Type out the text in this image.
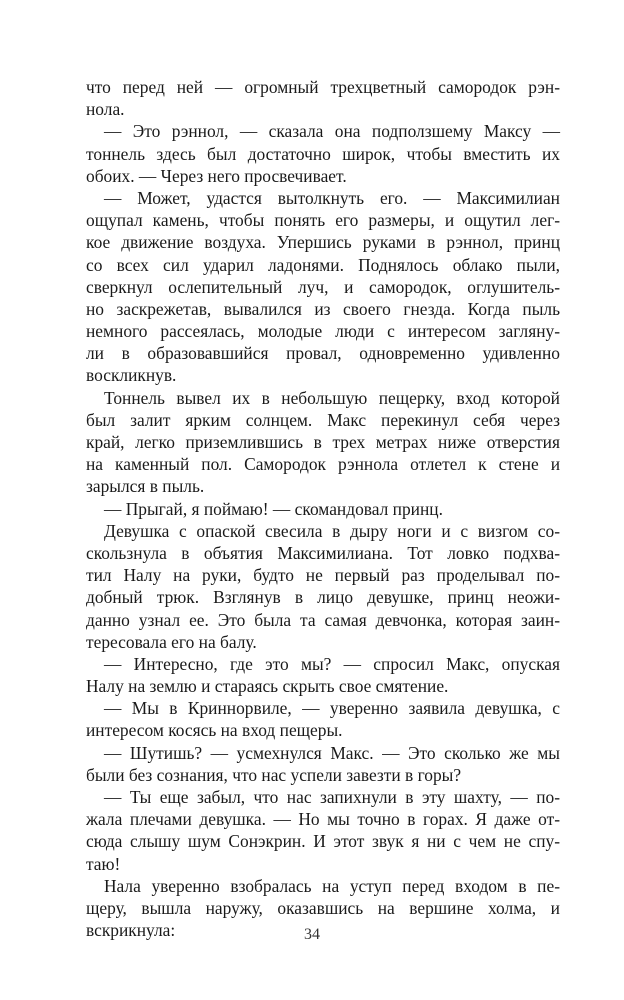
что перед ней — огромный трехцветный самородок рэн-
нола.
— Это рэннол, — сказала она подползшему Максу —
тоннель здесь был достаточно широк, чтобы вместить их
обоих. — Через него просвечивает.
— Может, удастся вытолкнуть его. — Максимилиан
ощупал камень, чтобы понять его размеры, и ощутил лег-
кое движение воздуха. Упершись руками в рэннол, принц
со всех сил ударил ладонями. Поднялось облако пыли,
сверкнул ослепительный луч, и самородок, оглушитель-
но заскрежетав, вывалился из своего гнезда. Когда пыль
немного рассеялась, молодые люди с интересом загляну-
ли в образовавшийся провал, одновременно удивленно
воскликнув.
Тоннель вывел их в небольшую пещерку, вход которой
был залит ярким солнцем. Макс перекинул себя через
край, легко приземлившись в трех метрах ниже отверстия
на каменный пол. Самородок рэннола отлетел к стене и
зарылся в пыль.
— Прыгай, я поймаю! — скомандовал принц.
Девушка с опаской свесила в дыру ноги и с визгом со-
скользнула в объятия Максимилиана. Тот ловко подхва-
тил Налу на руки, будто не первый раз проделывал по-
добный трюк. Взглянув в лицо девушке, принц неожи-
данно узнал ее. Это была та самая девчонка, которая заин-
тересовала его на балу.
— Интересно, где это мы? — спросил Макс, опуская
Налу на землю и стараясь скрыть свое смятение.
— Мы в Криннорвиле, — уверенно заявила девушка, с
интересом косясь на вход пещеры.
— Шутишь? — усмехнулся Макс. — Это сколько же мы
были без сознания, что нас успели завезти в горы?
— Ты еще забыл, что нас запихнули в эту шахту, — по-
жала плечами девушка. — Но мы точно в горах. Я даже от-
сюда слышу шум Сонэкрин. И этот звук я ни с чем не спу-
таю!
Нала уверенно взобралась на уступ перед входом в пе-
щеру, вышла наружу, оказавшись на вершине холма, и
вскрикнула:	34
